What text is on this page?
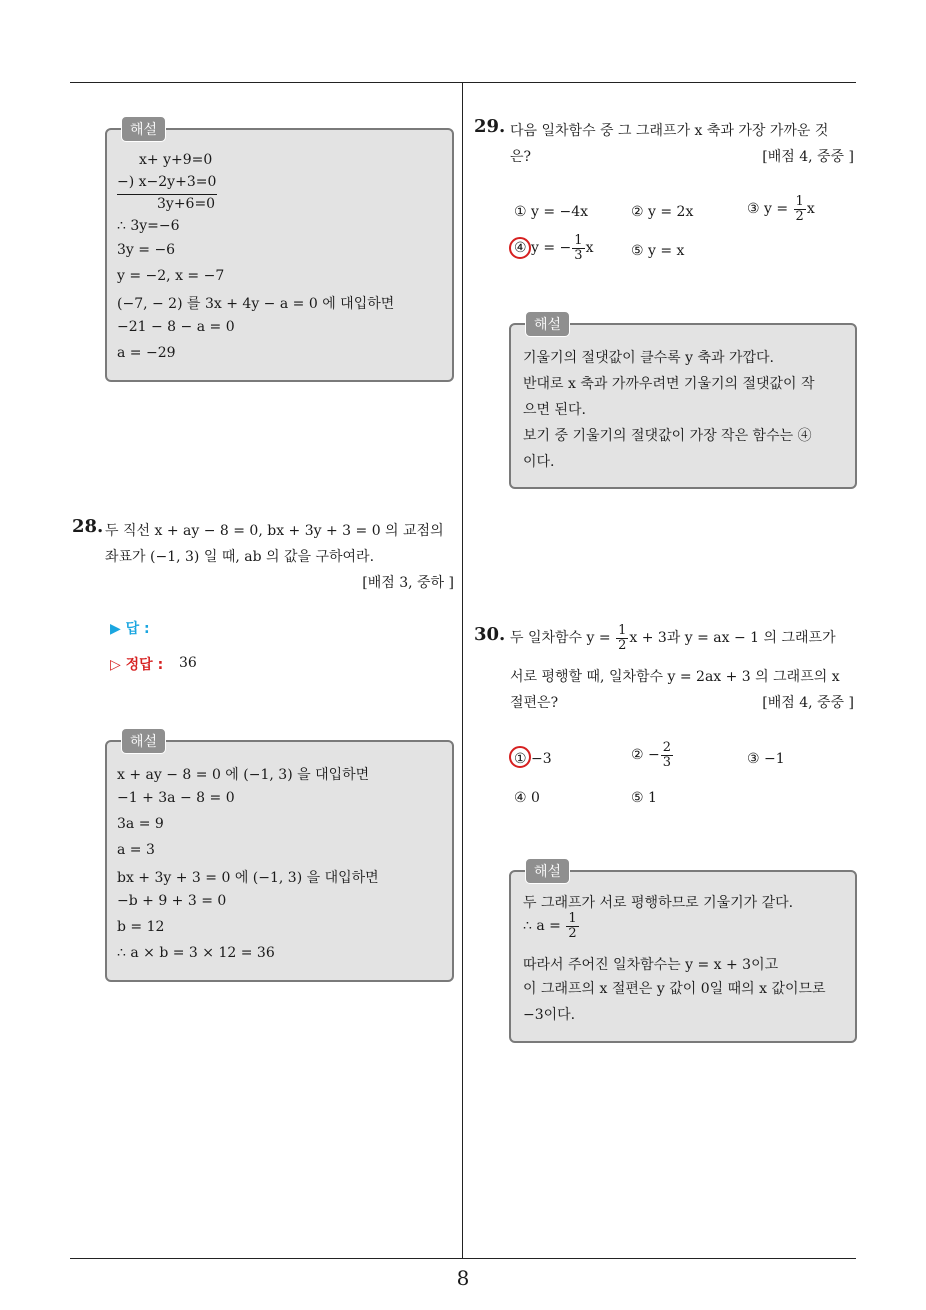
해설
x+ y+9=0
−) x−2y+3=0
3y+6=0
∴ 3y=−6
3y = −6
y = −2, x = −7
(−7, − 2) 를 3x + 4y − a = 0 에 대입하면
−21 − 8 − a = 0
a = −29
28. 두 직선 x + ay − 8 = 0, bx + 3y + 3 = 0 의 교점의
좌표가 (−1, 3) 일 때, ab 의 값을 구하여라.
[배점 3, 중하 ]
▶ 답 :
▷ 정답 : 36
해설
x + ay − 8 = 0 에 (−1, 3) 을 대입하면
−1 + 3a − 8 = 0
3a = 9
a = 3
bx + 3y + 3 = 0 에 (−1, 3) 을 대입하면
−b + 9 + 3 = 0
b = 12
∴ a × b = 3 × 12 = 36
29. 다음 일차함수 중 그 그래프가 x 축과 가장 가까운 것
은?	[배점 4, 중중 ]
① y = −4x	② y = 2x	③ $y = \frac{1}{2}$ x
④ y = − $\frac{1}{3}$ x	⑤ y = x
해설
기울기의 절댓값이 클수록 y 축과 가깝다.
반대로 x 축과 가까우려면 기울기의 절댓값이 작
으면 된다.
보기 중 기울기의 절댓값이 가장 작은 함수는 ④
이다.
30. 두 일차함수 $y = \frac{1}{2}$ x + 3과 y = ax − 1 의 그래프가
서로 평행할 때, 일차함수 y = 2ax + 3 의 그래프의 x
절편은?	[배점 4, 중중 ]
① −3	② − $\frac{2}{3}$	③ −1
④ 0	⑤ 1
해설
두 그래프가 서로 평행하므로 기울기가 같다.
∴ $a = \frac{1}{2}$
따라서 주어진 일차함수는 y = x + 3이고
이 그래프의 x 절편은 y 값이 0일 때의 x 값이므로
−3이다.
8
